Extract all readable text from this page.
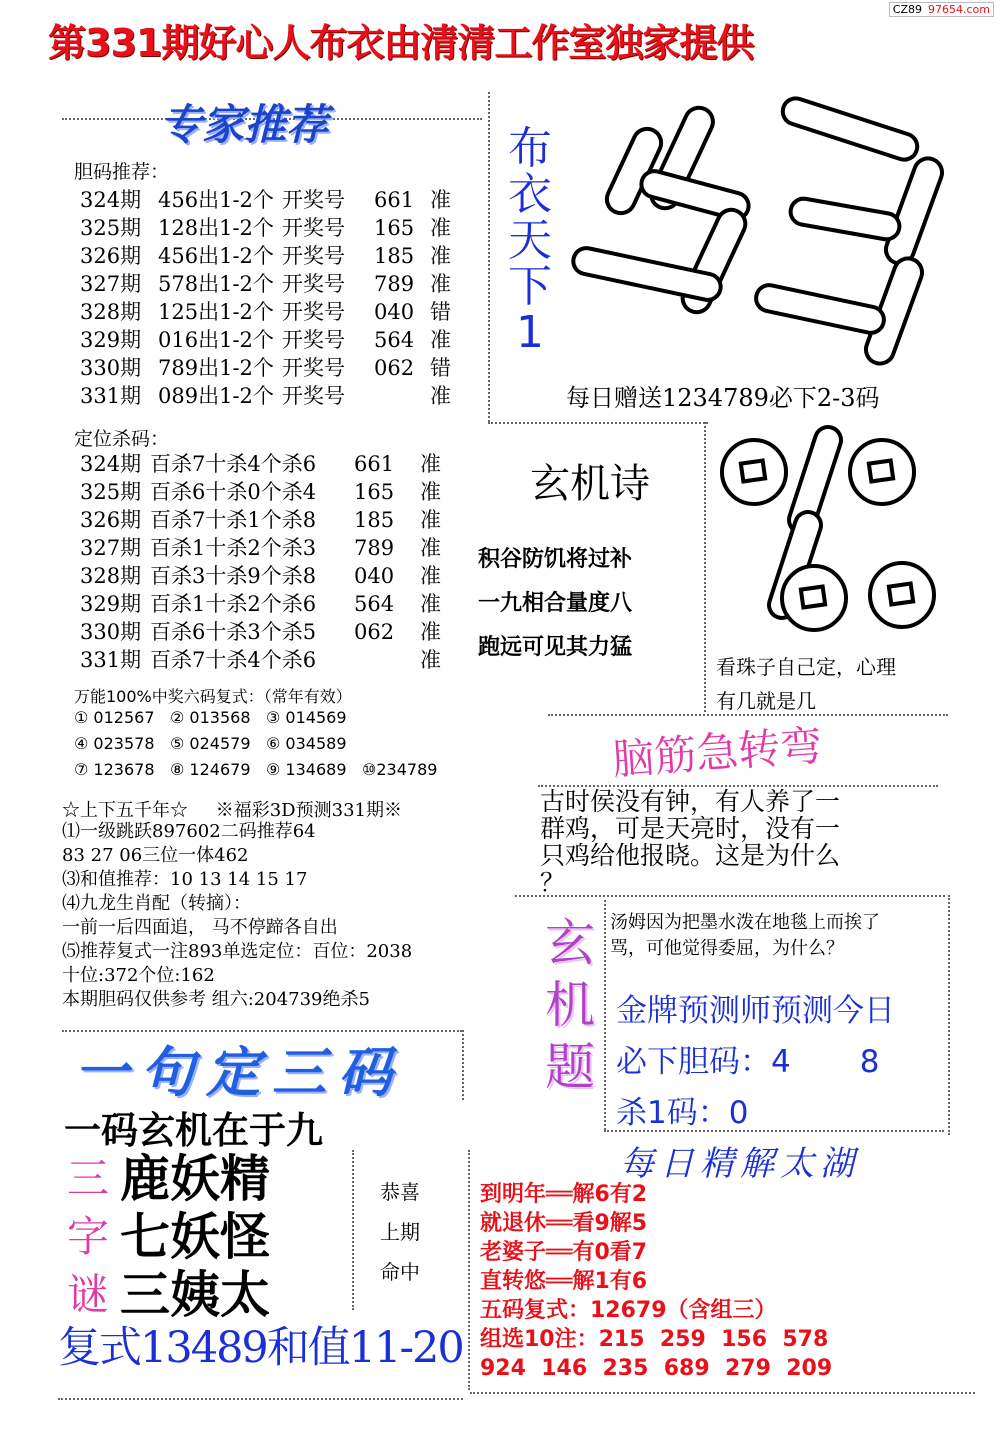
第331期好心人布衣由清清工作室独家提供
CZ89 97654.com
专家推荐
胆码推荐：
324期 456出1-2个 开奖号 661 准
325期 128出1-2个 开奖号 165 准
326期 456出1-2个 开奖号 185 准
327期 578出1-2个 开奖号 789 准
328期 125出1-2个 开奖号 040 错
329期 016出1-2个 开奖号 564 准
330期 789出1-2个 开奖号 062 错
331期 089出1-2个 开奖号	准
定位杀码：
324期 百杀7十杀4个杀6 661 准
325期 百杀6十杀0个杀4 165 准
326期 百杀7十杀1个杀8 185 准
327期 百杀1十杀2个杀3 789 准
328期 百杀3十杀9个杀8 040 准
329期 百杀1十杀2个杀6 564 准
330期 百杀6十杀3个杀5 062 准
331期 百杀7十杀4个杀6	准
万能100%中奖六码复式：（常年有效）
① 012567 ② 013568 ③ 014569
④ 023578 ⑤ 024579 ⑥ 034589
⑦ 123678 ⑧ 124679 ⑨ 134689 ⑩234789
☆上下五千年☆ ※福彩3D预测331期※
⑴一级跳跃897602二码推荐64
83 27 06三位一体462
⑶和值推荐：10 13 14 15 17
⑷九龙生肖配（转摘）：
一前一后四面追， 马不停蹄各自出
⑸推荐复式一注893单选定位：百位：2038
十位:372个位:162
本期胆码仅供参考 组六:204739绝杀5
布
衣
天
下
1
53
每日赠送1234789必下2-3码
玄机诗
积谷防饥将过补
一九相合量度八
跑远可见其力猛
看珠子自己定，心理
有几就是几
脑筋急转弯
古时侯没有钟，有人养了一
群鸡，可是天亮时，没有一
只鸡给他报晓。这是为什么
？
玄
机
题
汤姆因为把墨水泼在地毯上而挨了
骂，可他觉得委屈，为什么？
金牌预测师预测今日
必下胆码：4       8
杀1码：0
一句定三码
一码玄机在于九
三
字
谜
鹿妖精
七妖怪
三姨太
恭喜
上期
命中
复式13489和值11-20
每日精解太湖
到明年══解6有2
就退休══看9解5
老婆子══有0看7
直转悠══解1有6
五码复式：12679（含组三）
组选10注：215  259  156  578
924  146  235  689  279  209
